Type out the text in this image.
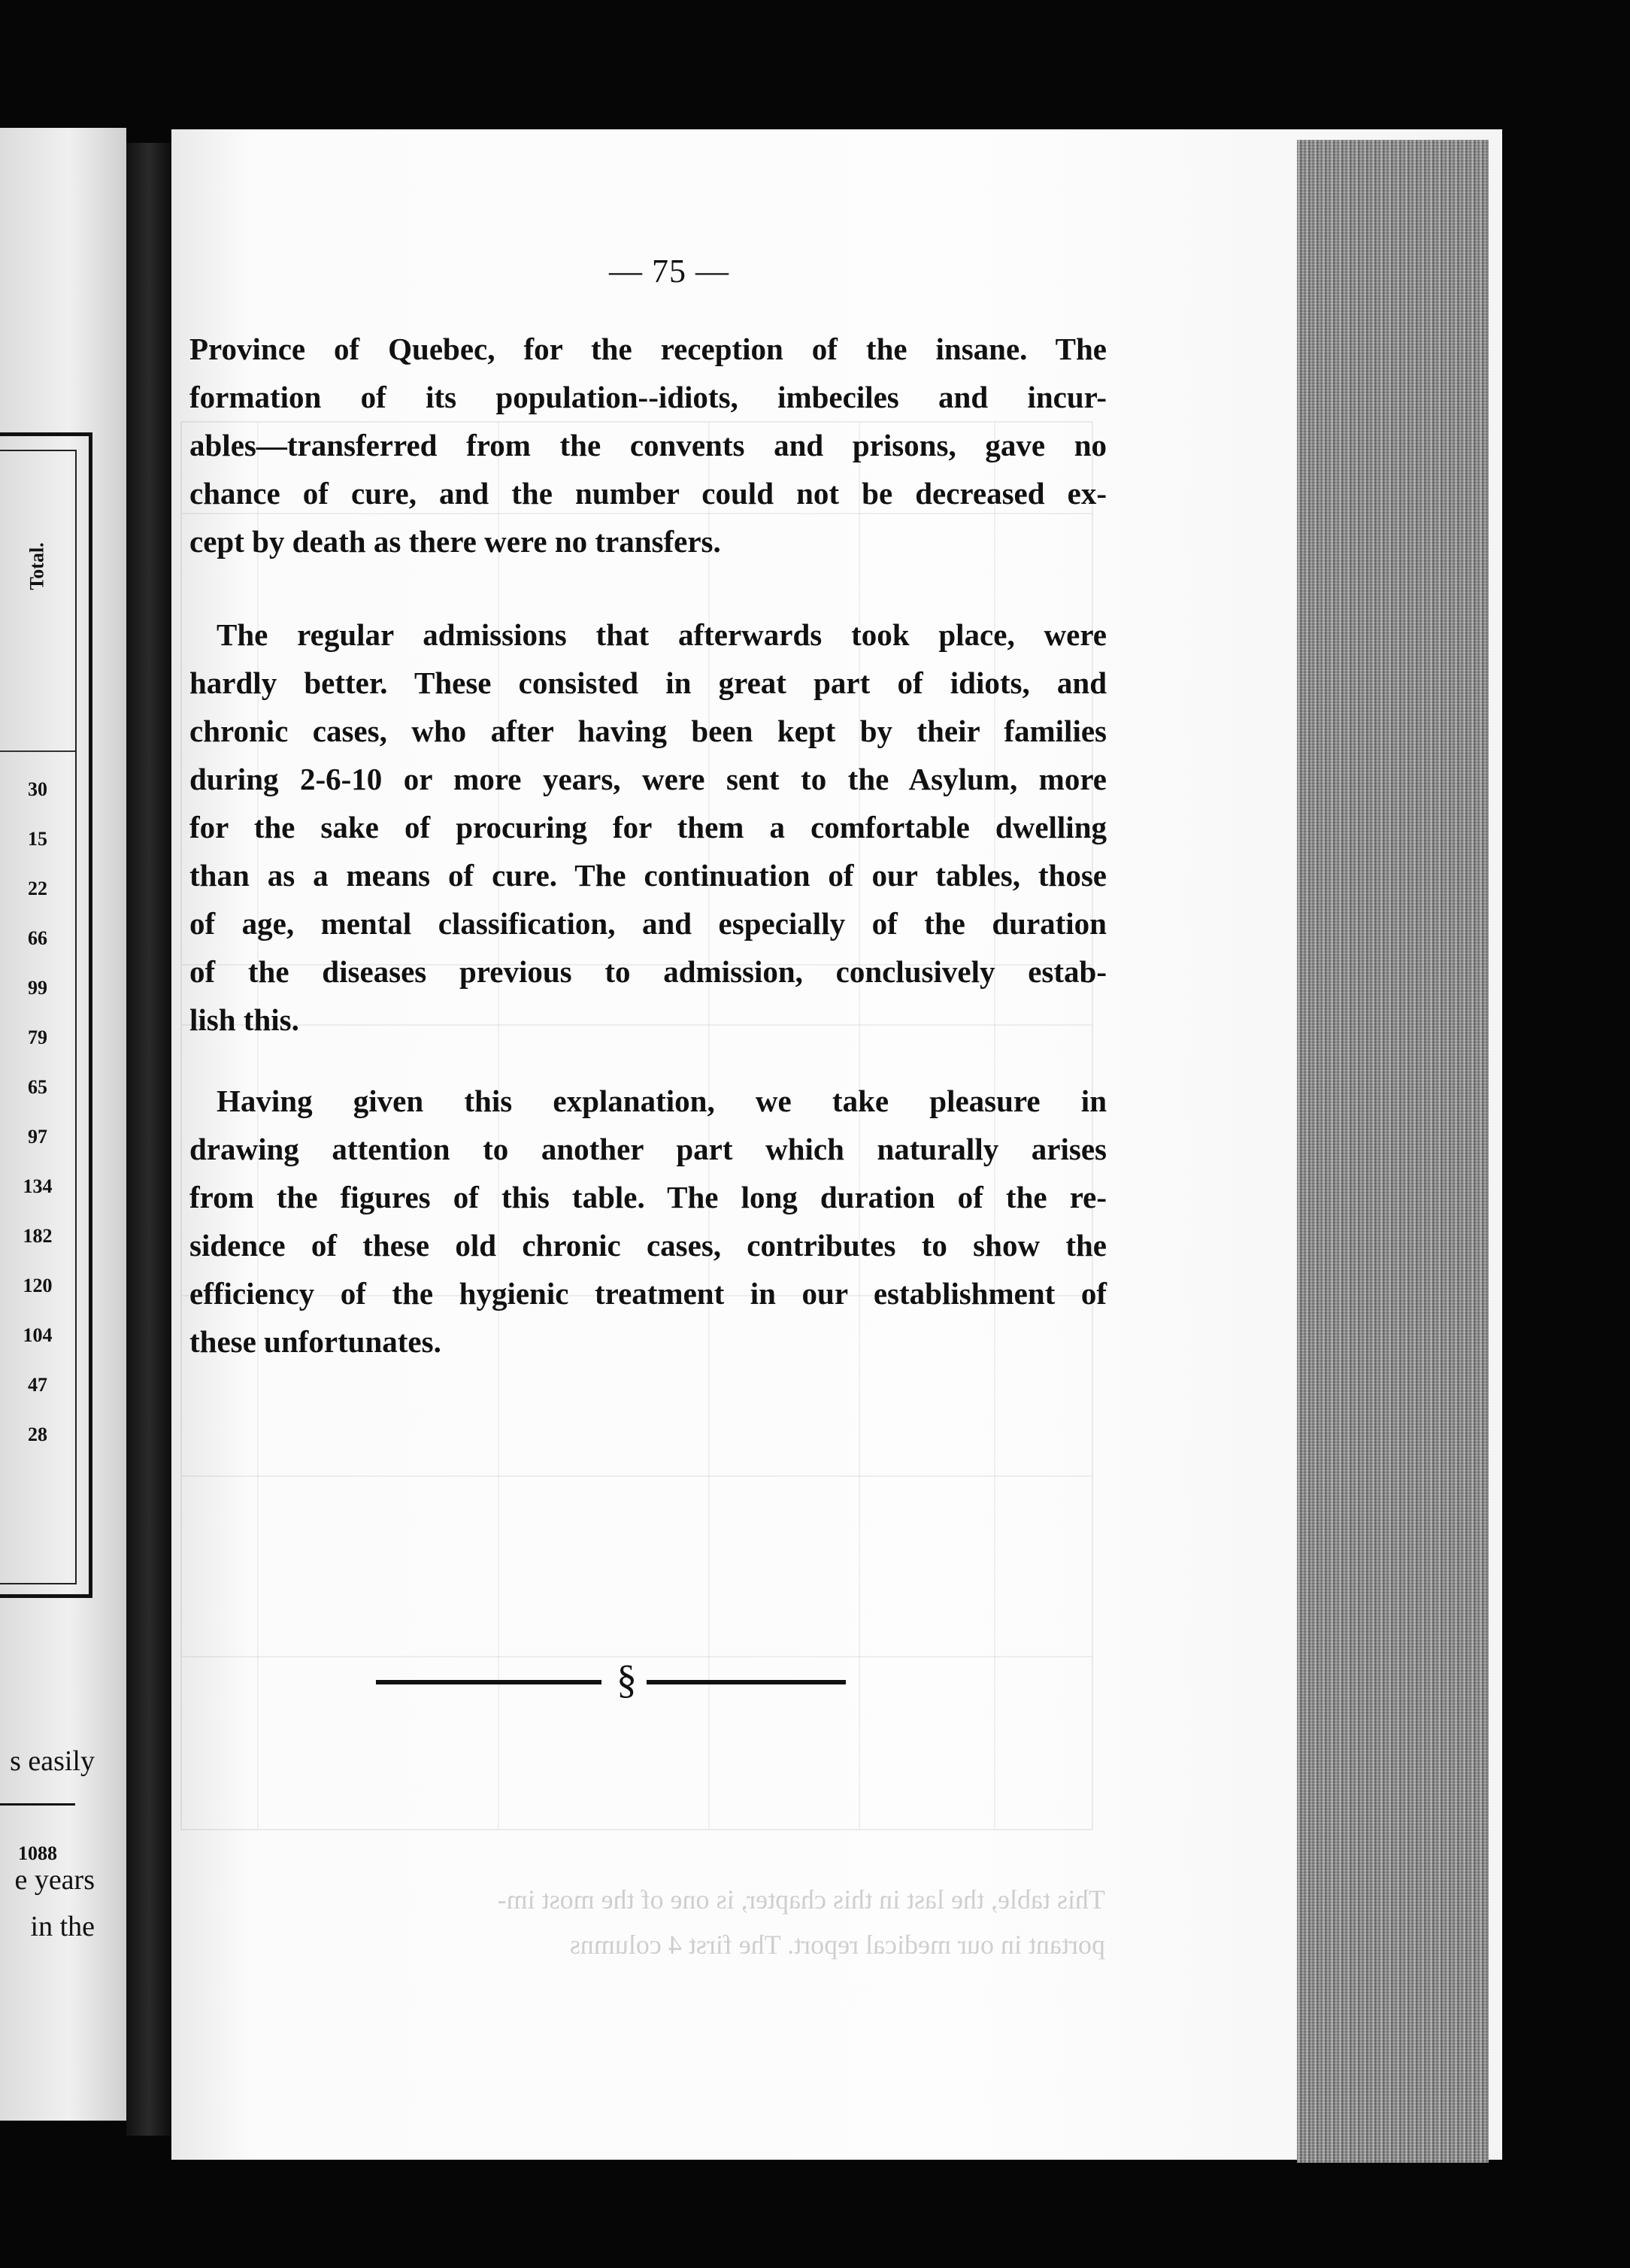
Total.
30
15
22
66
99
79
65
97
134
182
120
104
47
28
1088
s easily
e years
in the
This table, the last in this chapter, is one of the most im-
portant in our medical report. The first 4 columns
— 75 —
Province of Quebec, for the reception of the insane. The
formation of its population--idiots, imbeciles and incur-
ables—transferred from the convents and prisons, gave no
chance of cure, and the number could not be decreased ex-
cept by death as there were no transfers.
The regular admissions that afterwards took place, were
hardly better. These consisted in great part of idiots, and
chronic cases, who after having been kept by their families
during 2-6-10 or more years, were sent to the Asylum, more
for the sake of procuring for them a comfortable dwelling
than as a means of cure. The continuation of our tables, those
of age, mental classification, and especially of the duration
of the diseases previous to admission, conclusively estab-
lish this.
Having given this explanation, we take pleasure in
drawing attention to another part which naturally arises
from the figures of this table. The long duration of the re-
sidence of these old chronic cases, contributes to show the
efficiency of the hygienic treatment in our establishment of
these unfortunates.
§
